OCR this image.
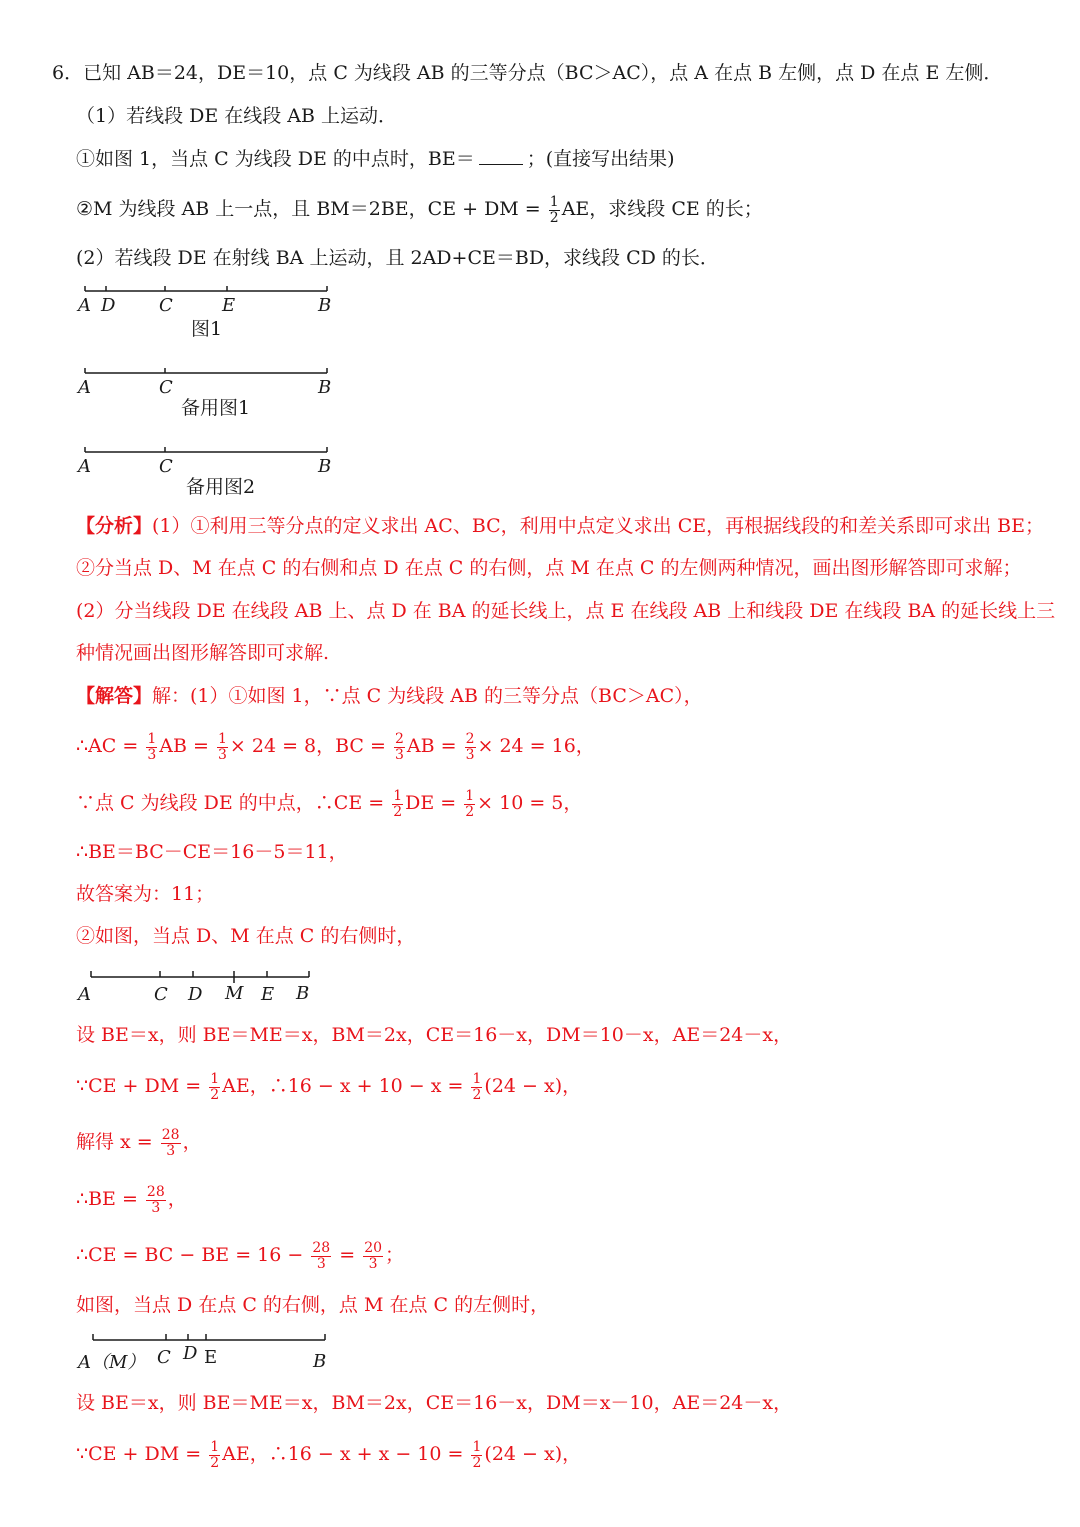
6．已知 AB＝24，DE＝10，点 C 为线段 AB 的三等分点（BC＞AC），点 A 在点 B 左侧，点 D 在点 E 左侧．
（1）若线段 DE 在线段 AB 上运动．
①如图 1，当点 C 为线段 DE 的中点时，BE＝	；(直接写出结果)
②M 为线段 AB 上一点，且 BM＝2BE，CE + DM = $\frac{1}{2}$ AE，求线段 CE 的长；
(2）若线段 DE 在射线 BA 上运动，且 2AD+CE＝BD，求线段 CD 的长．
A D C	E	B
图1
A	C	B
备用图1
A	C	B
备用图2
A	C D M E B
A（M） C D E	B
【分析】(1）①利用三等分点的定义求出 AC、BC，利用中点定义求出 CE，再根据线段的和差关系即可求出 BE；
②分当点 D、M 在点 C 的右侧和点 D 在点 C 的右侧，点 M 在点 C 的左侧两种情况，画出图形解答即可求解；
(2）分当线段 DE 在线段 AB 上、点 D 在 BA 的延长线上，点 E 在线段 AB 上和线段 DE 在线段 BA 的延长线上三
种情况画出图形解答即可求解.
【解答】解：(1）①如图 1，∵点 C 为线段 AB 的三等分点（BC＞AC），
∴AC = $\frac{1}{3}$ AB = $\frac{1}{3} \times 24 = 8$，BC = $\frac{2}{3}$ AB = $\frac{2}{3} \times 24 = 16$，
∵点 C 为线段 DE 的中点，∴CE = $\frac{1}{2}$ DE = $\frac{1}{2} \times 10 = 5$，
∴BE＝BC－CE＝16－5＝11，
故答案为：11；
②如图，当点 D、M 在点 C 的右侧时，
设 BE＝x，则 BE＝ME＝x，BM＝2x，CE＝16－x，DM＝10－x，AE＝24－x，
∵CE + DM = $\frac{1}{2}$ AE，∴16 − $x + 10 - x = \frac{1}{2} (24 - x)$，
解得 $x = \frac{28}{3}$ ，
∴BE = $\frac{28}{3}$ ，
∴CE = BC − BE = $16 - \frac{28}{3} = \frac{20}{3}$ ；
如图，当点 D 在点 C 的右侧，点 M 在点 C 的左侧时，
设 BE＝x，则 BE＝ME＝x，BM＝2x，CE＝16－x，DM＝x－10，AE＝24－x，
∵CE + DM = $\frac{1}{2}$ AE，∴16 − $x + x - 10 = \frac{1}{2} (24 - x)$，
